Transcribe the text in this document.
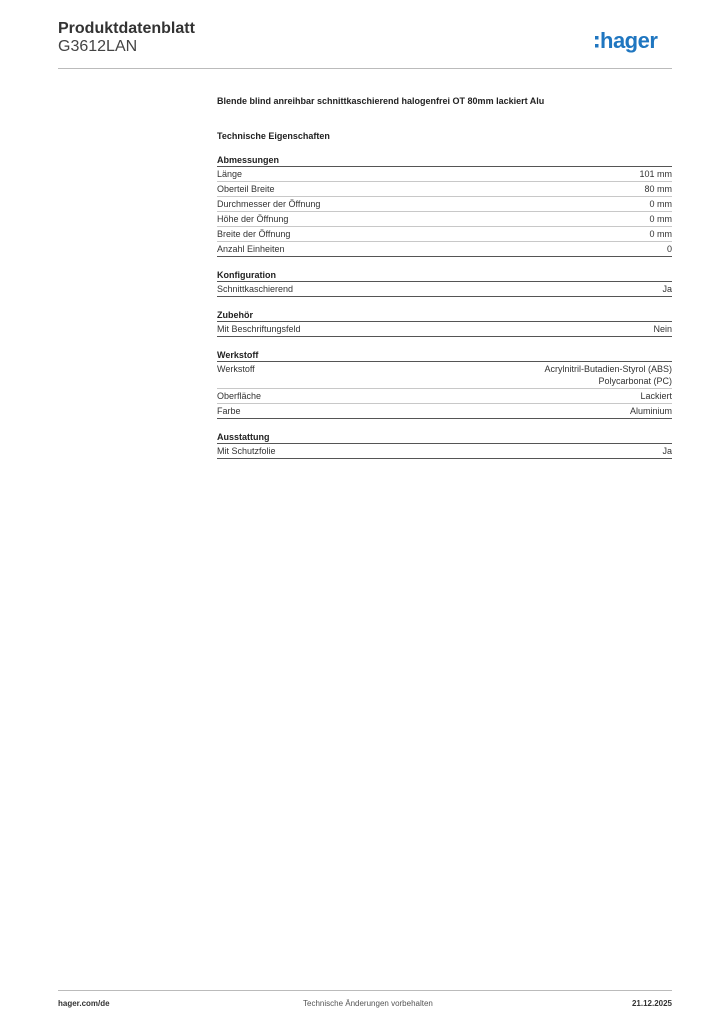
Produktdatenblatt
G3612LAN	hager
Blende blind anreihbar schnittkaschierend halogenfrei OT 80mm lackiert Alu
Technische Eigenschaften
Abmessungen
Länge	101 mm
Oberteil Breite	80 mm
Durchmesser der Öffnung	0 mm
Höhe der Öffnung	0 mm
Breite der Öffnung	0 mm
Anzahl Einheiten	0
Konfiguration
Schnittkaschierend	Ja
Zubehör
Mit Beschriftungsfeld	Nein
Werkstoff
Werkstoff	Acrylnitril-Butadien-Styrol (ABS)
Polycarbonat (PC)
Oberfläche	Lackiert
Farbe	Aluminium
Ausstattung
Mit Schutzfolie	Ja
hager.com/de	Technische Änderungen vorbehalten	21.12.2025
